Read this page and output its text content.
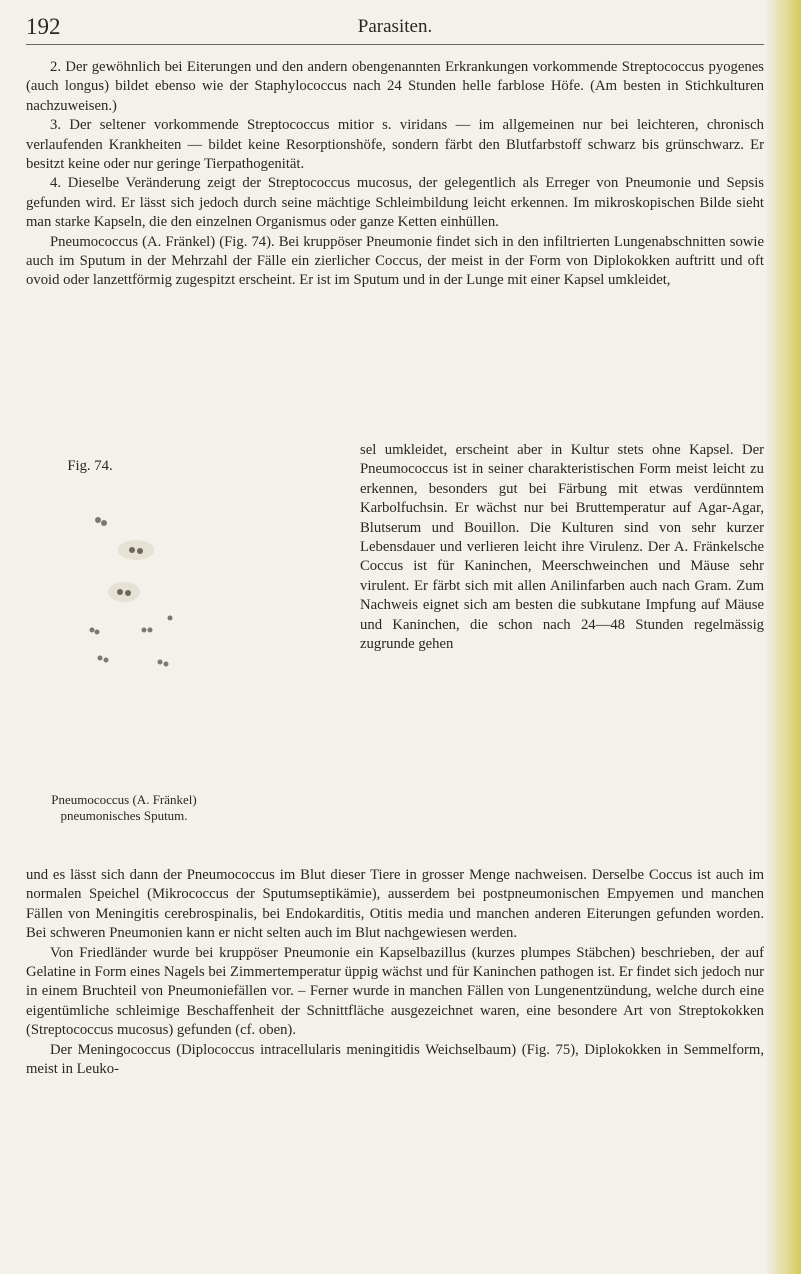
192	Parasiten.

2. Der gewöhnlich bei Eiterungen und den andern obengenannten Erkrankungen vorkommende Streptococcus pyogenes (auch longus) bildet ebenso wie der Staphylococcus nach 24 Stunden helle farblose Höfe. (Am besten in Stichkulturen nachzuweisen.)

3. Der seltener vorkommende Streptococcus mitior s. viridans — im allgemeinen nur bei leichteren, chronisch verlaufenden Krankheiten — bildet keine Resorptionshöfe, sondern färbt den Blutfarbstoff schwarz bis grünschwarz. Er besitzt keine oder nur geringe Tierpathogenität.

4. Dieselbe Veränderung zeigt der Streptococcus mucosus, der gelegentlich als Erreger von Pneumonie und Sepsis gefunden wird. Er lässt sich jedoch durch seine mächtige Schleimbildung leicht erkennen. Im mikroskopischen Bilde sieht man starke Kapseln, die den einzelnen Organismus oder ganze Ketten einhüllen.

Pneumococcus (A. Fränkel) (Fig. 74). Bei kruppöser Pneumonie findet sich in den infiltrierten Lungenabschnitten sowie auch im Sputum in der Mehrzahl der Fälle ein zierlicher Coccus, der meist in der Form von Diplokokken auftritt und oft ovoid oder lanzettförmig zugespitzt erscheint. Er ist im Sputum und in der Lunge mit einer Kapsel umkleidet,

Fig. 74.
Pneumococcus (A. Fränkel) pneumonisches Sputum.
sel umkleidet, erscheint aber in Kultur stets ohne Kapsel. Der Pneumococcus ist in seiner charakteristischen Form meist leicht zu erkennen, besonders gut bei Färbung mit etwas verdünntem Karbolfuchsin. Er wächst nur bei Bruttemperatur auf Agar-Agar, Blutserum und Bouillon. Die Kulturen sind von sehr kurzer Lebensdauer und verlieren leicht ihre Virulenz. Der A. Fränkelsche Coccus ist für Kaninchen, Meerschweinchen und Mäuse sehr virulent. Er färbt sich mit allen Anilinfarben auch nach Gram. Zum Nachweis eignet sich am besten die subkutane Impfung auf Mäuse und Kaninchen, die schon nach 24—48 Stunden regelmässig zugrunde gehen

und es lässt sich dann der Pneumococcus im Blut dieser Tiere in grosser Menge nachweisen. Derselbe Coccus ist auch im normalen Speichel (Mikrococcus der Sputumseptikämie), ausserdem bei postpneumonischen Empyemen und manchen Fällen von Meningitis cerebrospinalis, bei Endokarditis, Otitis media und manchen anderen Eiterungen gefunden worden. Bei schweren Pneumonien kann er nicht selten auch im Blut nachgewiesen werden.

Von Friedländer wurde bei kruppöser Pneumonie ein Kapselbazillus (kurzes plumpes Stäbchen) beschrieben, der auf Gelatine in Form eines Nagels bei Zimmertemperatur üppig wächst und für Kaninchen pathogen ist. Er findet sich jedoch nur in einem Bruchteil von Pneumoniefällen vor. – Ferner wurde in manchen Fällen von Lungenentzündung, welche durch eine eigentümliche schleimige Beschaffenheit der Schnittfläche ausgezeichnet waren, eine besondere Art von Streptokokken (Streptococcus mucosus) gefunden (cf. oben).

Der Meningococcus (Diplococcus intracellularis meningitidis Weichselbaum) (Fig. 75), Diplokokken in Semmelform, meist in Leuko-
